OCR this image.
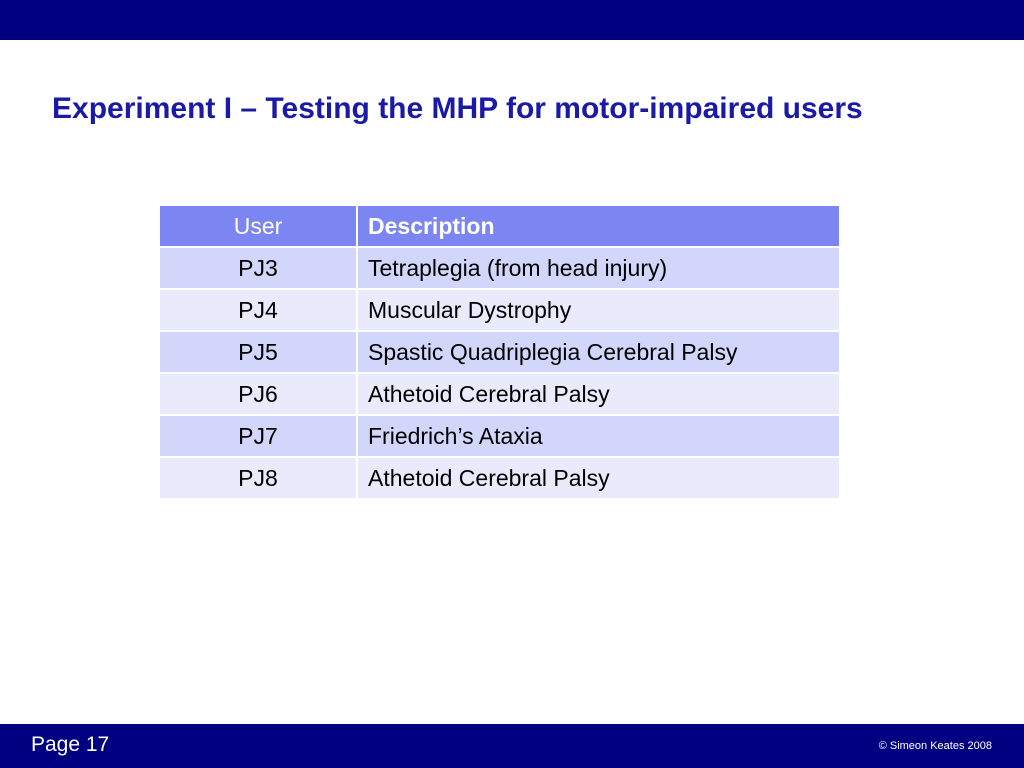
Experiment I – Testing the MHP for motor-impaired users
User	Description
PJ3	Tetraplegia (from head injury)
PJ4	Muscular Dystrophy
PJ5	Spastic Quadriplegia Cerebral Palsy
PJ6	Athetoid Cerebral Palsy
PJ7	Friedrich’s Ataxia
PJ8	Athetoid Cerebral Palsy
Page 17	© Simeon Keates 2008
